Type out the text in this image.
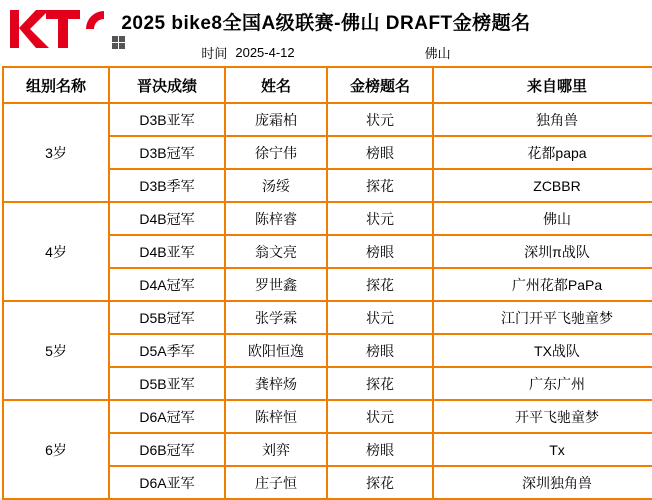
2025 bike8全国A级联赛-佛山 DRAFT金榜题名
时间 2025-4-12	佛山
组别名称	晋决成绩	姓名	金榜题名	来自哪里
3岁	D3B亚军	庞霜柏	状元	独角兽
	D3B冠军	徐宁伟	榜眼	花都papa
	D3B季军	汤绥	探花	ZCBBR
4岁	D4B冠军	陈梓睿	状元	佛山
	D4B亚军	翁文亮	榜眼	深圳π战队
	D4A冠军	罗世鑫	探花	广州花都PaPa
5岁	D5B冠军	张学霖	状元	江门开平飞驰童梦
	D5A季军	欧阳恒逸	榜眼	TX战队
	D5B亚军	龚梓炀	探花	广东广州
6岁	D6A冠军	陈梓恒	状元	开平飞驰童梦
	D6B冠军	刘弈	榜眼	Tx
	D6A亚军	庄子恒	探花	深圳独角兽
